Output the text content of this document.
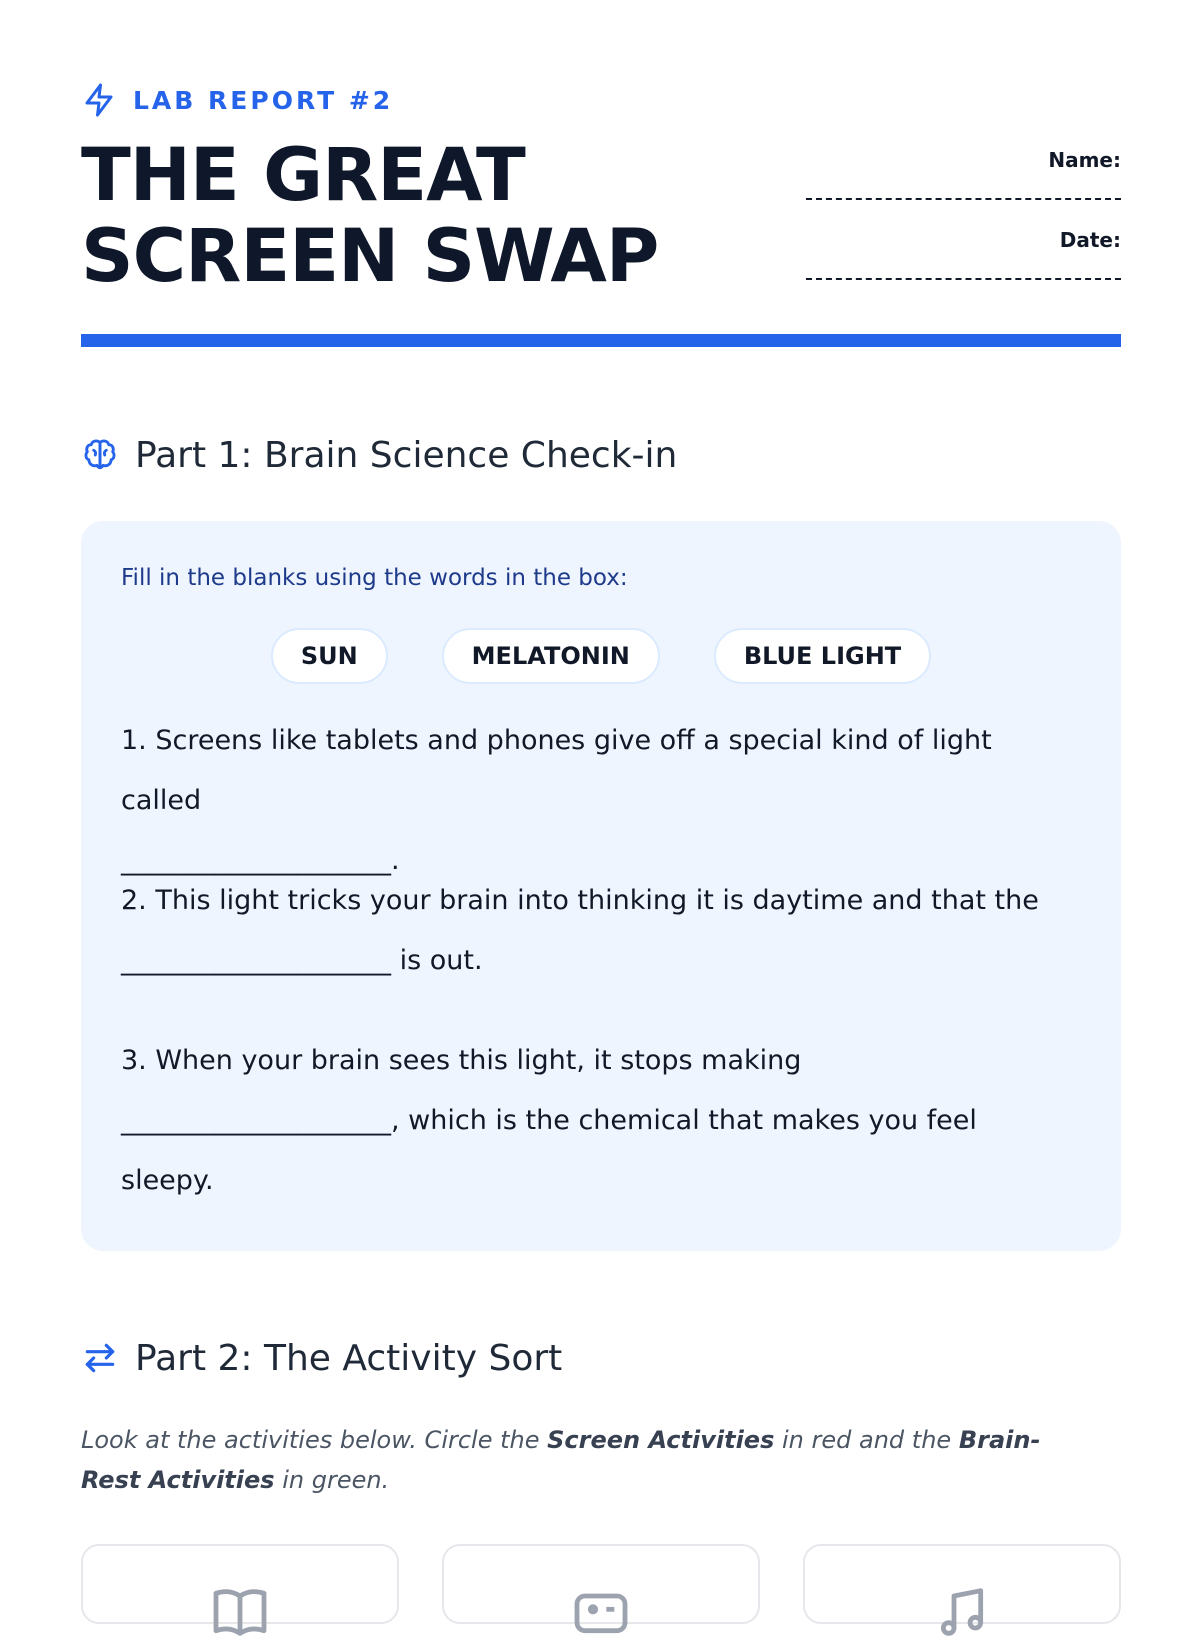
LAB REPORT #2
THE GREAT
SCREEN SWAP
Name:
Date:
Part 1: Brain Science Check-in
Fill in the blanks using the words in the box:
SUN	MELATONIN	BLUE LIGHT
1. Screens like tablets and phones give off a special kind of light called
____________________.
2. This light tricks your brain into thinking it is daytime and that the
____________________ is out.
3. When your brain sees this light, it stops making
____________________, which is the chemical that makes you feel sleepy.
Part 2: The Activity Sort
Look at the activities below. Circle the Screen Activities in red and the Brain-Rest Activities in green.
